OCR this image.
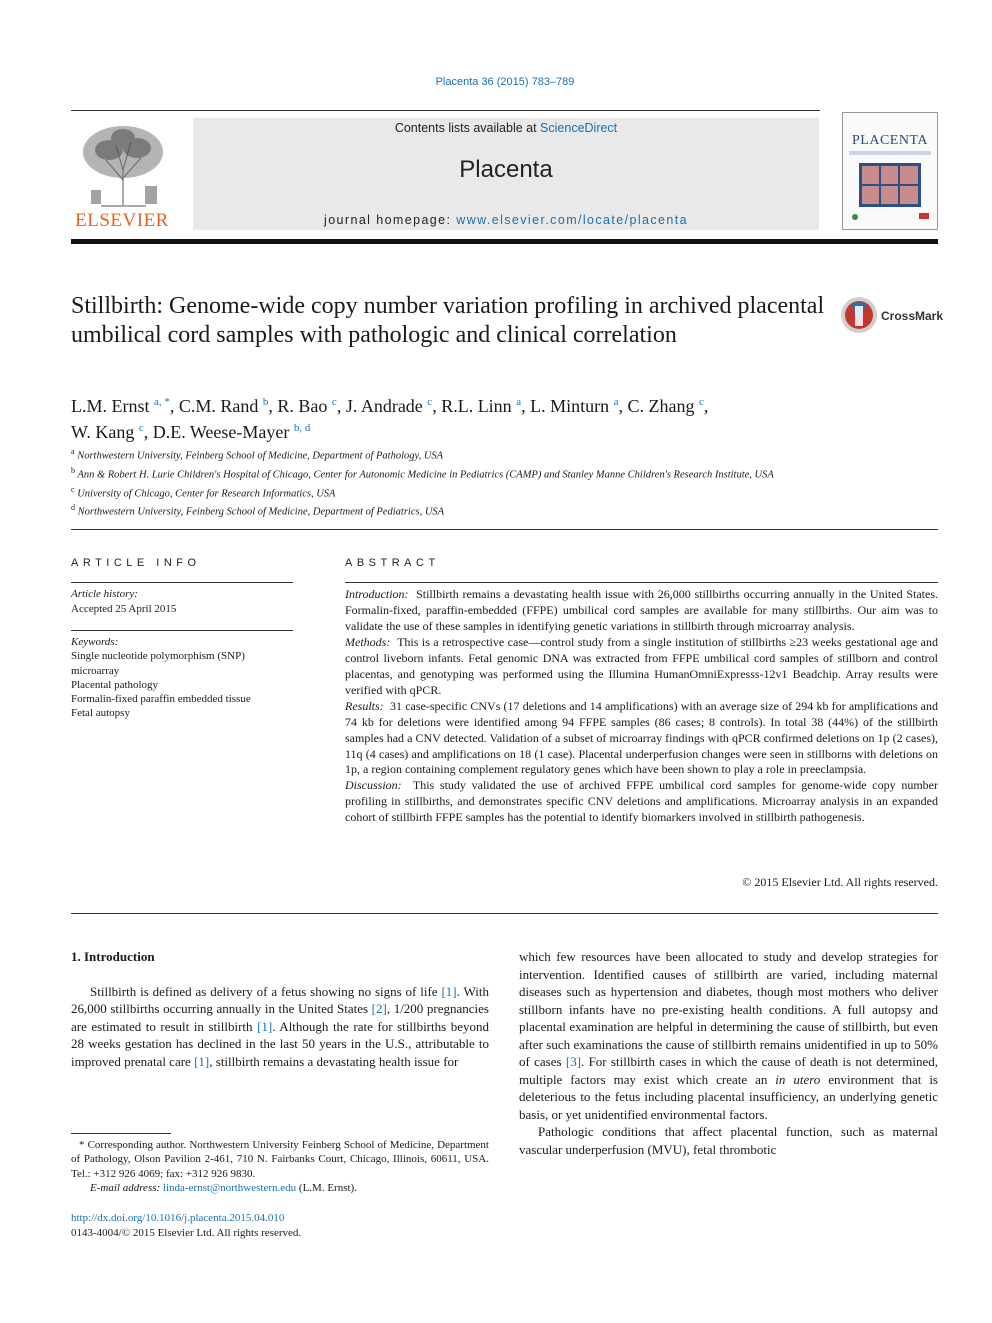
Placenta 36 (2015) 783–789
ELSEVIER
Contents lists available at ScienceDirect
Placenta
journal homepage: www.elsevier.com/locate/placenta
PLACENTA
Stillbirth: Genome-wide copy number variation profiling in archived placental umbilical cord samples with pathologic and clinical correlation
CrossMark
L.M. Ernst $^{a, *}$, C.M. Rand $^b$, R. Bao $^c$, J. Andrade $^c$, R.L. Linn $^a$, L. Minturn $^a$, C. Zhang $^c$,
W. Kang $^c$, D.E. Weese-Mayer $^{b, d}$
$^a$ Northwestern University, Feinberg School of Medicine, Department of Pathology, USA
$^b$ Ann & Robert H. Lurie Children's Hospital of Chicago, Center for Autonomic Medicine in Pediatrics (CAMP) and Stanley Manne Children's Research Institute, USA
$^c$ University of Chicago, Center for Research Informatics, USA
$^d$ Northwestern University, Feinberg School of Medicine, Department of Pediatrics, USA
ARTICLE INFO
Article history:
Accepted 25 April 2015
Keywords:
Single nucleotide polymorphism (SNP)
microarray
Placental pathology
Formalin-fixed paraffin embedded tissue
Fetal autopsy
ABSTRACT
Introduction: Stillbirth remains a devastating health issue with 26,000 stillbirths occurring annually in the United States. Formalin-fixed, paraffin-embedded (FFPE) umbilical cord samples are available for many stillbirths. Our aim was to validate the use of these samples in identifying genetic variations in stillbirth through microarray analysis.
Methods: This is a retrospective case—control study from a single institution of stillbirths ≥23 weeks gestational age and control liveborn infants. Fetal genomic DNA was extracted from FFPE umbilical cord samples of stillborn and control placentas, and genotyping was performed using the Illumina HumanOmniExpresss-12v1 Beadchip. Array results were verified with qPCR.
Results: 31 case-specific CNVs (17 deletions and 14 amplifications) with an average size of 294 kb for amplifications and 74 kb for deletions were identified among 94 FFPE samples (86 cases; 8 controls). In total 38 (44%) of the stillbirth samples had a CNV detected. Validation of a subset of microarray findings with qPCR confirmed deletions on 1p (2 cases), 11q (4 cases) and amplifications on 18 (1 case). Placental underperfusion changes were seen in stillborns with deletions on 1p, a region containing complement regulatory genes which have been shown to play a role in preeclampsia.
Discussion: This study validated the use of archived FFPE umbilical cord samples for genome-wide copy number profiling in stillbirths, and demonstrates specific CNV deletions and amplifications. Microarray analysis in an expanded cohort of stillbirth FFPE samples has the potential to identify biomarkers involved in stillbirth pathogenesis.
© 2015 Elsevier Ltd. All rights reserved.
1. Introduction

Stillbirth is defined as delivery of a fetus showing no signs of life [1]. With 26,000 stillbirths occurring annually in the United States [2], 1/200 pregnancies are estimated to result in stillbirth [1]. Although the rate for stillbirths beyond 28 weeks gestation has declined in the last 50 years in the U.S., attributable to improved prenatal care [1], stillbirth remains a devastating health issue for

which few resources have been allocated to study and develop strategies for intervention. Identified causes of stillbirth are varied, including maternal diseases such as hypertension and diabetes, though most mothers who deliver stillborn infants have no pre-existing health conditions. A full autopsy and placental examination are helpful in determining the cause of stillbirth, but even after such examinations the cause of stillbirth remains unidentified in up to 50% of cases [3]. For stillbirth cases in which the cause of death is not determined, multiple factors may exist which create an in utero environment that is deleterious to the fetus including placental insufficiency, an underlying genetic basis, or yet unidentified environmental factors.

Pathologic conditions that affect placental function, such as maternal vascular underperfusion (MVU), fetal thrombotic

* Corresponding author. Northwestern University Feinberg School of Medicine, Department of Pathology, Olson Pavilion 2-461, 710 N. Fairbanks Court, Chicago, Illinois, 60611, USA. Tel.: +312 926 4069; fax: +312 926 9830.
E-mail address: linda-ernst@northwestern.edu (L.M. Ernst).
http://dx.doi.org/10.1016/j.placenta.2015.04.010
0143-4004/© 2015 Elsevier Ltd. All rights reserved.
